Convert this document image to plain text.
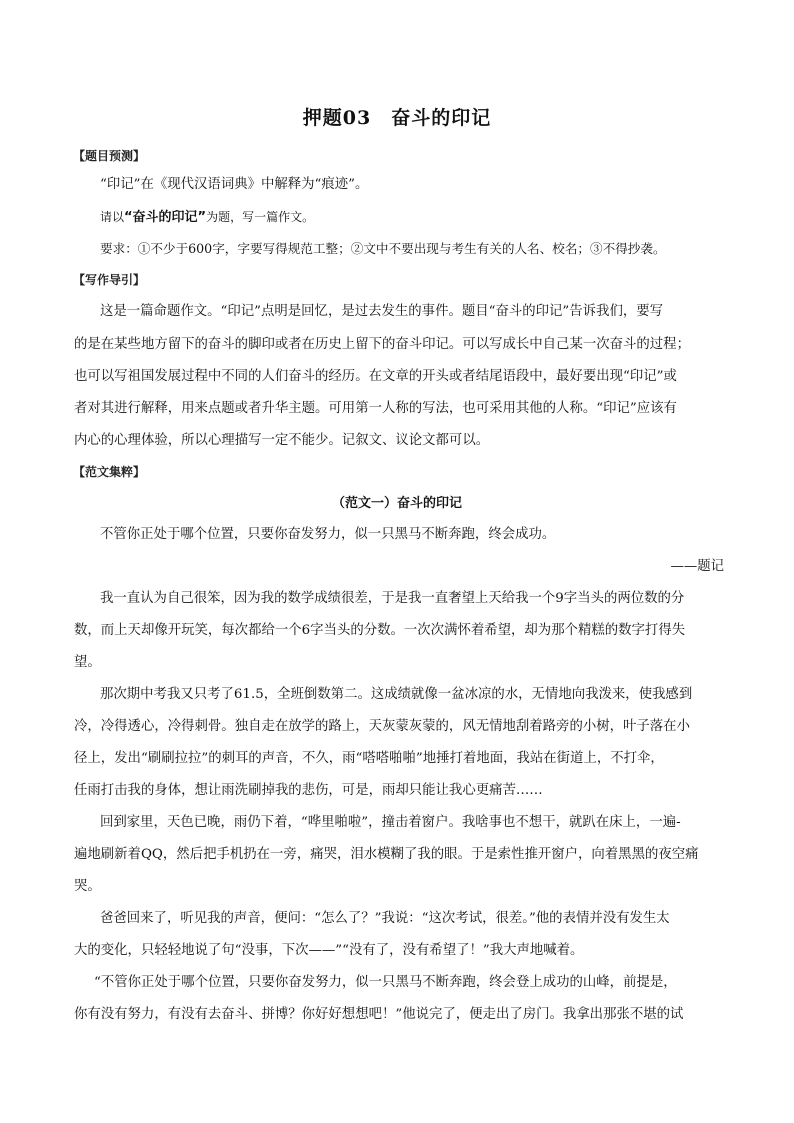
押题03　奋斗的印记
【题目预测】
“印记”在《现代汉语词典》中解释为“痕迹”。
请以“奋斗的印记”为题，写一篇作文。
要求：①不少于600字，字要写得规范工整；②文中不要出现与考生有关的人名、校名；③不得抄袭。
【写作导引】
这是一篇命题作文。“印记”点明是回忆，是过去发生的事件。题目“奋斗的印记”告诉我们，要写
的是在某些地方留下的奋斗的脚印或者在历史上留下的奋斗印记。可以写成长中自己某一次奋斗的过程；
也可以写祖国发展过程中不同的人们奋斗的经历。在文章的开头或者结尾语段中，最好要出现“印记”或
者对其进行解释，用来点题或者升华主题。可用第一人称的写法，也可采用其他的人称。“印记”应该有
内心的心理体验，所以心理描写一定不能少。记叙文、议论文都可以。
【范文集粹】
（范文一）奋斗的印记
不管你正处于哪个位置，只要你奋发努力，似一只黑马不断奔跑，终会成功。
——题记
我一直认为自己很笨，因为我的数学成绩很差，于是我一直奢望上天给我一个9字当头的两位数的分
数，而上天却像开玩笑，每次都给一个6字当头的分数。一次次满怀着希望，却为那个精糕的数字打得失
望。
那次期中考我又只考了61.5，全班倒数第二。这成绩就像一盆冰凉的水，无情地向我泼来，使我感到
冷，冷得透心，冷得刺骨。独自走在放学的路上，天灰蒙灰蒙的，风无情地刮着路旁的小树，叶子落在小
径上，发出“刷刷拉拉”的刺耳的声音，不久，雨“嗒嗒啪啪”地捶打着地面，我站在街道上，不打伞，
任雨打击我的身体，想让雨洗刷掉我的悲伤，可是，雨却只能让我心更痛苦……
回到家里，天色已晚，雨仍下着，“哗里啪啦”，撞击着窗户。我啥事也不想干，就趴在床上，一遍-
遍地刷新着QQ，然后把手机扔在一旁，痛哭，泪水模糊了我的眼。于是索性推开窗户，向着黑黑的夜空痛
哭。
爸爸回来了，听见我的声音，便问：“怎么了？”我说：“这次考试，很差。”他的表情并没有发生太
大的变化，只轻轻地说了句“没事，下次——”“没有了，没有希望了！”我大声地喊着。
“不管你正处于哪个位置，只要你奋发努力，似一只黑马不断奔跑，终会登上成功的山峰，前提是，
你有没有努力，有没有去奋斗、拼博？你好好想想吧！”他说完了，便走出了房门。我拿出那张不堪的试
